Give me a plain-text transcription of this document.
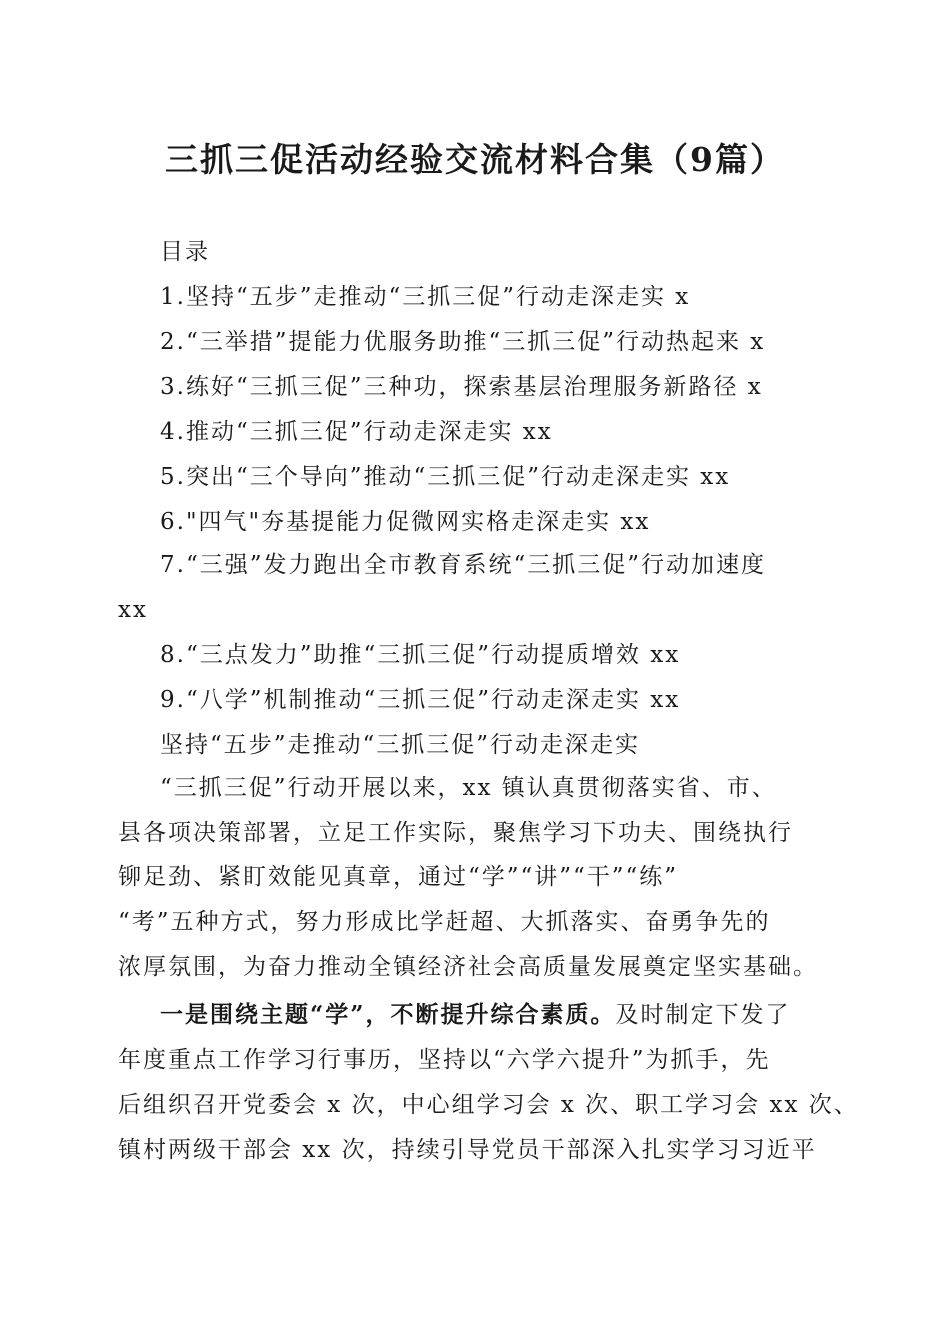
三抓三促活动经验交流材料合集（9篇）
目录
1.坚持“五步”走推动“三抓三促”行动走深走实 x
2.“三举措”提能力优服务助推“三抓三促”行动热起来 x
3.练好“三抓三促”三种功，探索基层治理服务新路径 x
4.推动“三抓三促”行动走深走实 xx
5.突出“三个导向”推动“三抓三促”行动走深走实 xx
6."四气"夯基提能力促微网实格走深走实 xx
7.“三强”发力跑出全市教育系统“三抓三促”行动加速度
xx
8.“三点发力”助推“三抓三促”行动提质增效 xx
9.“八学”机制推动“三抓三促”行动走深走实 xx
坚持“五步”走推动“三抓三促”行动走深走实
“三抓三促”行动开展以来，xx 镇认真贯彻落实省、市、
县各项决策部署，立足工作实际，聚焦学习下功夫、围绕执行
铆足劲、紧盯效能见真章，通过“学”“讲”“干”“练”
“考”五种方式，努力形成比学赶超、大抓落实、奋勇争先的
浓厚氛围，为奋力推动全镇经济社会高质量发展奠定坚实基础。
一是围绕主题“学”，不断提升综合素质。及时制定下发了
年度重点工作学习行事历，坚持以“六学六提升”为抓手，先
后组织召开党委会 x 次，中心组学习会 x 次、职工学习会 xx 次、
镇村两级干部会 xx 次，持续引导党员干部深入扎实学习习近平
